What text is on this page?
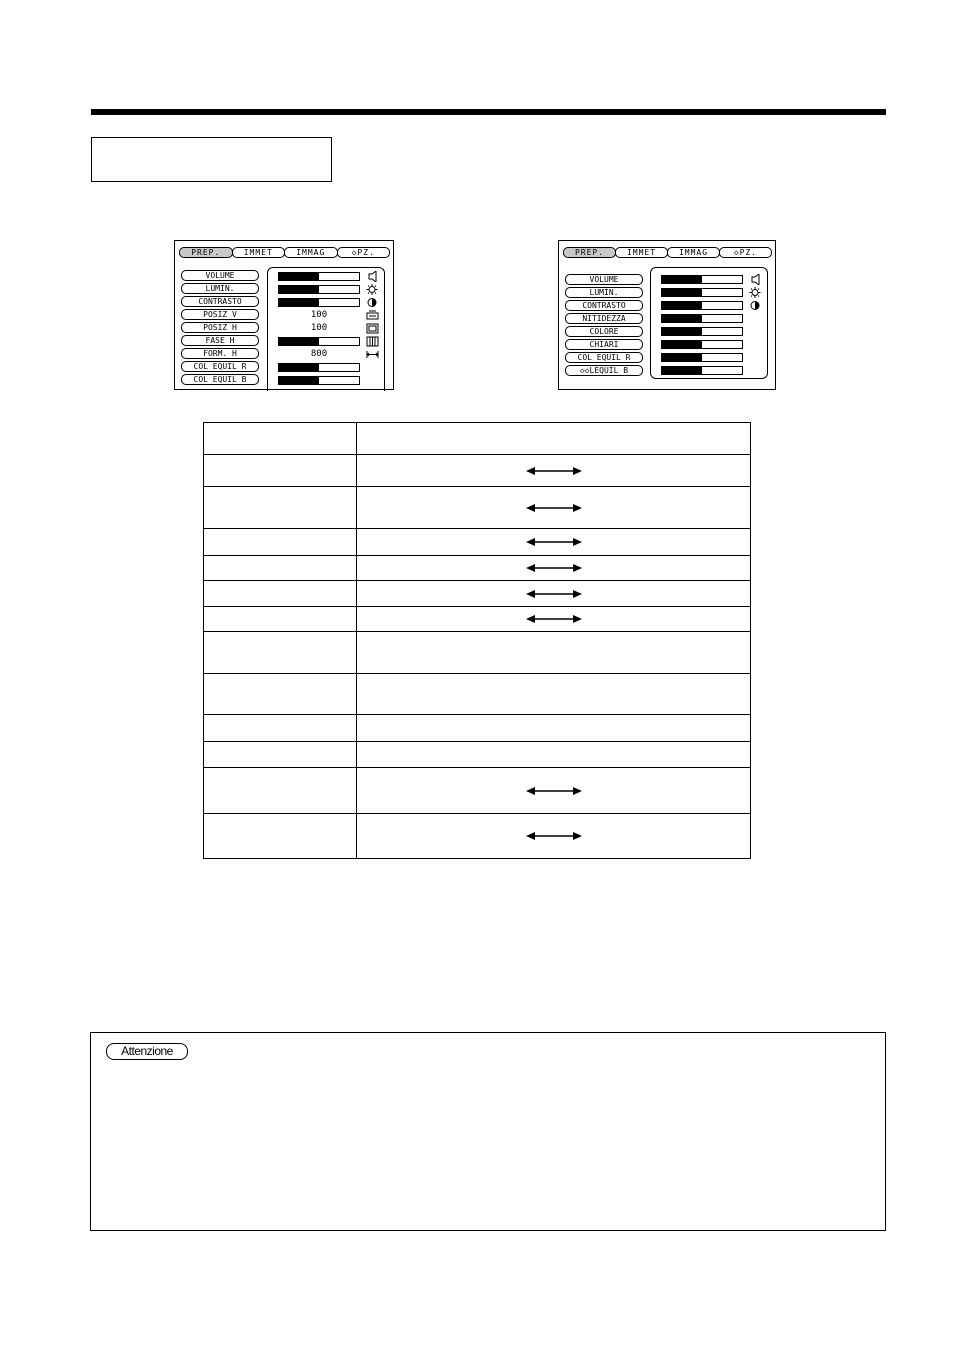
PREP.	IMMET	IMMAG	◇PZ.
VOLUME
LUMIN.
CONTRASTO
POSIZ V
POSIZ H
FASE H
FORM. H
COL EQUIL R
COL EQUIL B
100
100
800
PREP.	IMMET	IMMAG	◇PZ.
VOLUME
LUMIN.
CONTRASTO
NITIDEZZA
COLORE
CHIARI
COL EQUIL R
◇◇LEQUIL B

Attenzione
